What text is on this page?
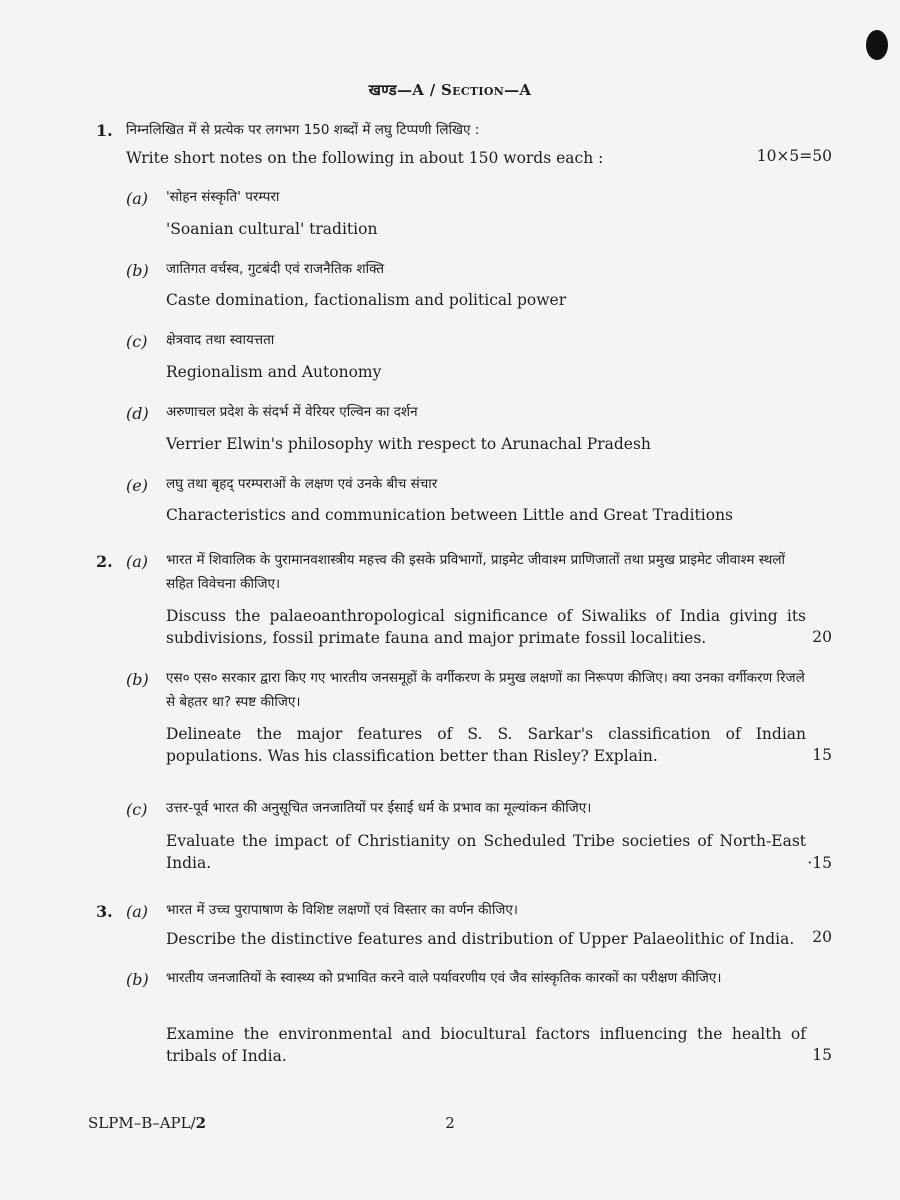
खण्ड—A / Section—A
1. निम्नलिखित में से प्रत्येक पर लगभग 150 शब्दों में लघु टिप्पणी लिखिए :
Write short notes on the following in about 150 words each :	10×5=50
(a) 'सोहन संस्कृति' परम्परा
'Soanian cultural' tradition
(b) जातिगत वर्चस्व, गुटबंदी एवं राजनैतिक शक्ति
Caste domination, factionalism and political power
(c) क्षेत्रवाद तथा स्वायत्तता
Regionalism and Autonomy
(d) अरुणाचल प्रदेश के संदर्भ में वेरियर एल्विन का दर्शन
Verrier Elwin's philosophy with respect to Arunachal Pradesh
(e) लघु तथा बृहद् परम्पराओं के लक्षण एवं उनके बीच संचार
Characteristics and communication between Little and Great Traditions
2. (a) भारत में शिवालिक के पुरामानवशास्त्रीय महत्त्व की इसके प्रविभागों, प्राइमेट जीवाश्म प्राणिजातों तथा प्रमुख प्राइमेट जीवाश्म स्थलों सहित विवेचना कीजिए।
Discuss the palaeoanthropological significance of Siwaliks of India giving its subdivisions, fossil primate fauna and major primate fossil localities.	20
(b) एस० एस० सरकार द्वारा किए गए भारतीय जनसमूहों के वर्गीकरण के प्रमुख लक्षणों का निरूपण कीजिए। क्या उनका वर्गीकरण रिजले से बेहतर था? स्पष्ट कीजिए।
Delineate the major features of S. S. Sarkar's classification of Indian populations. Was his classification better than Risley? Explain.	15
(c) उत्तर-पूर्व भारत की अनुसूचित जनजातियों पर ईसाई धर्म के प्रभाव का मूल्यांकन कीजिए।
Evaluate the impact of Christianity on Scheduled Tribe societies of North-East India.	·15
3. (a) भारत में उच्च पुरापाषाण के विशिष्ट लक्षणों एवं विस्तार का वर्णन कीजिए।
Describe the distinctive features and distribution of Upper Palaeolithic of India.	20
(b) भारतीय जनजातियों के स्वास्थ्य को प्रभावित करने वाले पर्यावरणीय एवं जैव सांस्कृतिक कारकों का परीक्षण कीजिए।
Examine the environmental and biocultural factors influencing the health of tribals of India.	15
SLPM–B–APL/2	2
